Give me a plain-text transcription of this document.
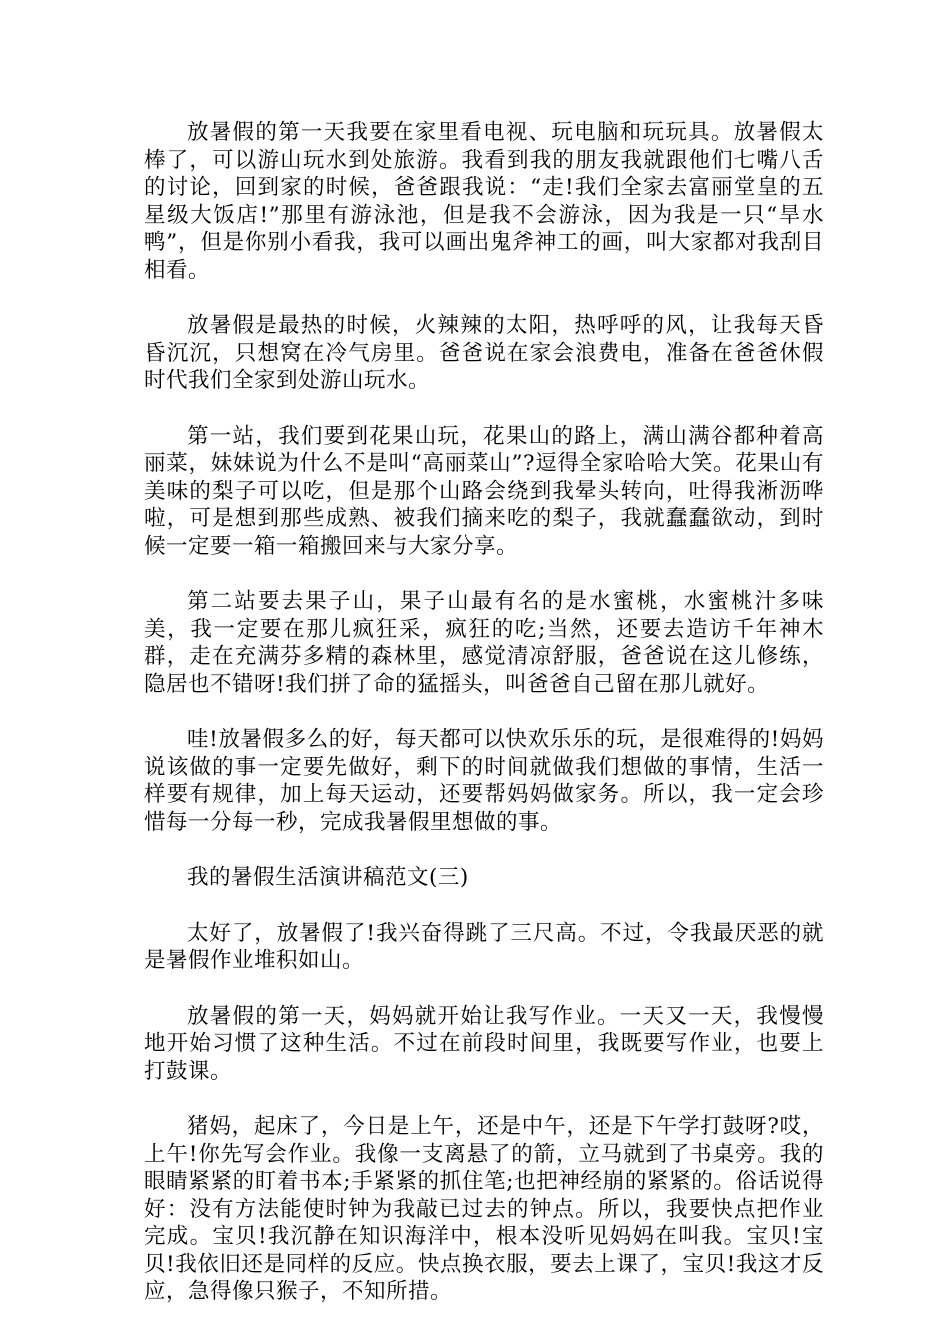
放暑假的第一天我要在家里看电视、玩电脑和玩玩具。放暑假太棒了，可以游山玩水到处旅游。我看到我的朋友我就跟他们七嘴八舌的讨论，回到家的时候，爸爸跟我说：“走!我们全家去富丽堂皇的五星级大饭店!”那里有游泳池，但是我不会游泳，因为我是一只“旱水鸭”，但是你别小看我，我可以画出鬼斧神工的画，叫大家都对我刮目相看。

放暑假是最热的时候，火辣辣的太阳，热呼呼的风，让我每天昏昏沉沉，只想窝在冷气房里。爸爸说在家会浪费电，准备在爸爸休假时代我们全家到处游山玩水。

第一站，我们要到花果山玩，花果山的路上，满山满谷都种着高丽菜，妹妹说为什么不是叫“高丽菜山”?逗得全家哈哈大笑。花果山有美味的梨子可以吃，但是那个山路会绕到我晕头转向，吐得我淅沥哗啦，可是想到那些成熟、被我们摘来吃的梨子，我就蠢蠢欲动，到时候一定要一箱一箱搬回来与大家分享。

第二站要去果子山，果子山最有名的是水蜜桃，水蜜桃汁多味美，我一定要在那儿疯狂采，疯狂的吃;当然，还要去造访千年神木群，走在充满芬多精的森林里，感觉清凉舒服，爸爸说在这儿修练，隐居也不错呀!我们拼了命的猛摇头，叫爸爸自己留在那儿就好。

哇!放暑假多么的好，每天都可以快欢乐乐的玩，是很难得的!妈妈说该做的事一定要先做好，剩下的时间就做我们想做的事情，生活一样要有规律，加上每天运动，还要帮妈妈做家务。所以，我一定会珍惜每一分每一秒，完成我暑假里想做的事。

我的暑假生活演讲稿范文(三)

太好了，放暑假了!我兴奋得跳了三尺高。不过，令我最厌恶的就是暑假作业堆积如山。

放暑假的第一天，妈妈就开始让我写作业。一天又一天，我慢慢地开始习惯了这种生活。不过在前段时间里，我既要写作业，也要上打鼓课。

猪妈，起床了，今日是上午，还是中午，还是下午学打鼓呀?哎，上午!你先写会作业。我像一支离悬了的箭，立马就到了书桌旁。我的眼睛紧紧的盯着书本;手紧紧的抓住笔;也把神经崩的紧紧的。俗话说得好：没有方法能使时钟为我敲已过去的钟点。所以，我要快点把作业完成。宝贝!我沉静在知识海洋中，根本没听见妈妈在叫我。宝贝!宝贝!我依旧还是同样的反应。快点换衣服，要去上课了，宝贝!我这才反应，急得像只猴子，不知所措。
